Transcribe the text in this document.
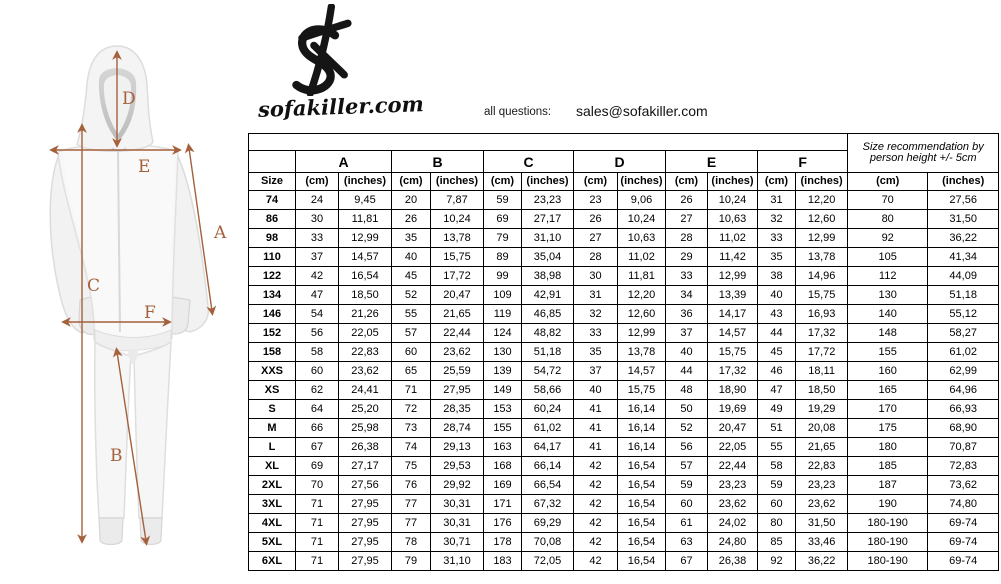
D
E
A
C
F
B
sofakiller.com	all questions: sales@sofakiller.com

													Size recommendation by
person height +/- 5cm	

	A		B		C		D		E		F			
Size	(cm)	(inches)	(cm)	(inches)	(cm)	(inches)	(cm)	(inches)	(cm)	(inches)	(cm)	(inches)	(cm)	(inches)
74	24	9,45	20	7,87	59	23,23	23	9,06	26	10,24	31	12,20	70	27,56
86	30	11,81	26	10,24	69	27,17	26	10,24	27	10,63	32	12,60	80	31,50
98	33	12,99	35	13,78	79	31,10	27	10,63	28	11,02	33	12,99	92	36,22
110	37	14,57	40	15,75	89	35,04	28	11,02	29	11,42	35	13,78	105	41,34
122	42	16,54	45	17,72	99	38,98	30	11,81	33	12,99	38	14,96	112	44,09
134	47	18,50	52	20,47	109	42,91	31	12,20	34	13,39	40	15,75	130	51,18
146	54	21,26	55	21,65	119	46,85	32	12,60	36	14,17	43	16,93	140	55,12
152	56	22,05	57	22,44	124	48,82	33	12,99	37	14,57	44	17,32	148	58,27
158	58	22,83	60	23,62	130	51,18	35	13,78	40	15,75	45	17,72	155	61,02
XXS	60	23,62	65	25,59	139	54,72	37	14,57	44	17,32	46	18,11	160	62,99
XS	62	24,41	71	27,95	149	58,66	40	15,75	48	18,90	47	18,50	165	64,96
S	64	25,20	72	28,35	153	60,24	41	16,14	50	19,69	49	19,29	170	66,93
M	66	25,98	73	28,74	155	61,02	41	16,14	52	20,47	51	20,08	175	68,90
L	67	26,38	74	29,13	163	64,17	41	16,14	56	22,05	55	21,65	180	70,87
XL	69	27,17	75	29,53	168	66,14	42	16,54	57	22,44	58	22,83	185	72,83
2XL	70	27,56	76	29,92	169	66,54	42	16,54	59	23,23	59	23,23	187	73,62
3XL	71	27,95	77	30,31	171	67,32	42	16,54	60	23,62	60	23,62	190	74,80
4XL	71	27,95	77	30,31	176	69,29	42	16,54	61	24,02	80	31,50	180-190	69-74
5XL	71	27,95	78	30,71	178	70,08	42	16,54	63	24,80	85	33,46	180-190	69-74
6XL	71	27,95	79	31,10	183	72,05	42	16,54	67	26,38	92	36,22	180-190	69-74
